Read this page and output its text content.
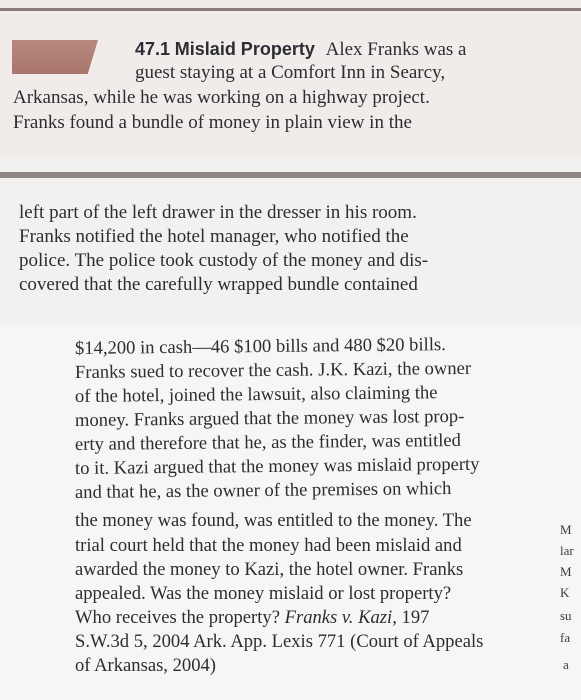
47.1 Mislaid Property Alex Franks was a
guest staying at a Comfort Inn in Searcy,
Arkansas, while he was working on a highway project.
Franks found a bundle of money in plain view in the
left part of the left drawer in the dresser in his room.
Franks notified the hotel manager, who notified the
police. The police took custody of the money and dis-
covered that the carefully wrapped bundle contained
$14,200 in cash—46 $100 bills and 480 $20 bills.
Franks sued to recover the cash. J.K. Kazi, the owner
of the hotel, joined the lawsuit, also claiming the
money. Franks argued that the money was lost prop-
erty and therefore that he, as the finder, was entitled
to it. Kazi argued that the money was mislaid property
and that he, as the owner of the premises on which
the money was found, was entitled to the money. The
trial court held that the money had been mislaid and
awarded the money to Kazi, the hotel owner. Franks
appealed. Was the money mislaid or lost property?
Who receives the property? Franks v. Kazi, 197
S.W.3d 5, 2004 Ark. App. Lexis 771 (Court of Appeals
of Arkansas, 2004)
M
lar
M
K
su
fa
a
